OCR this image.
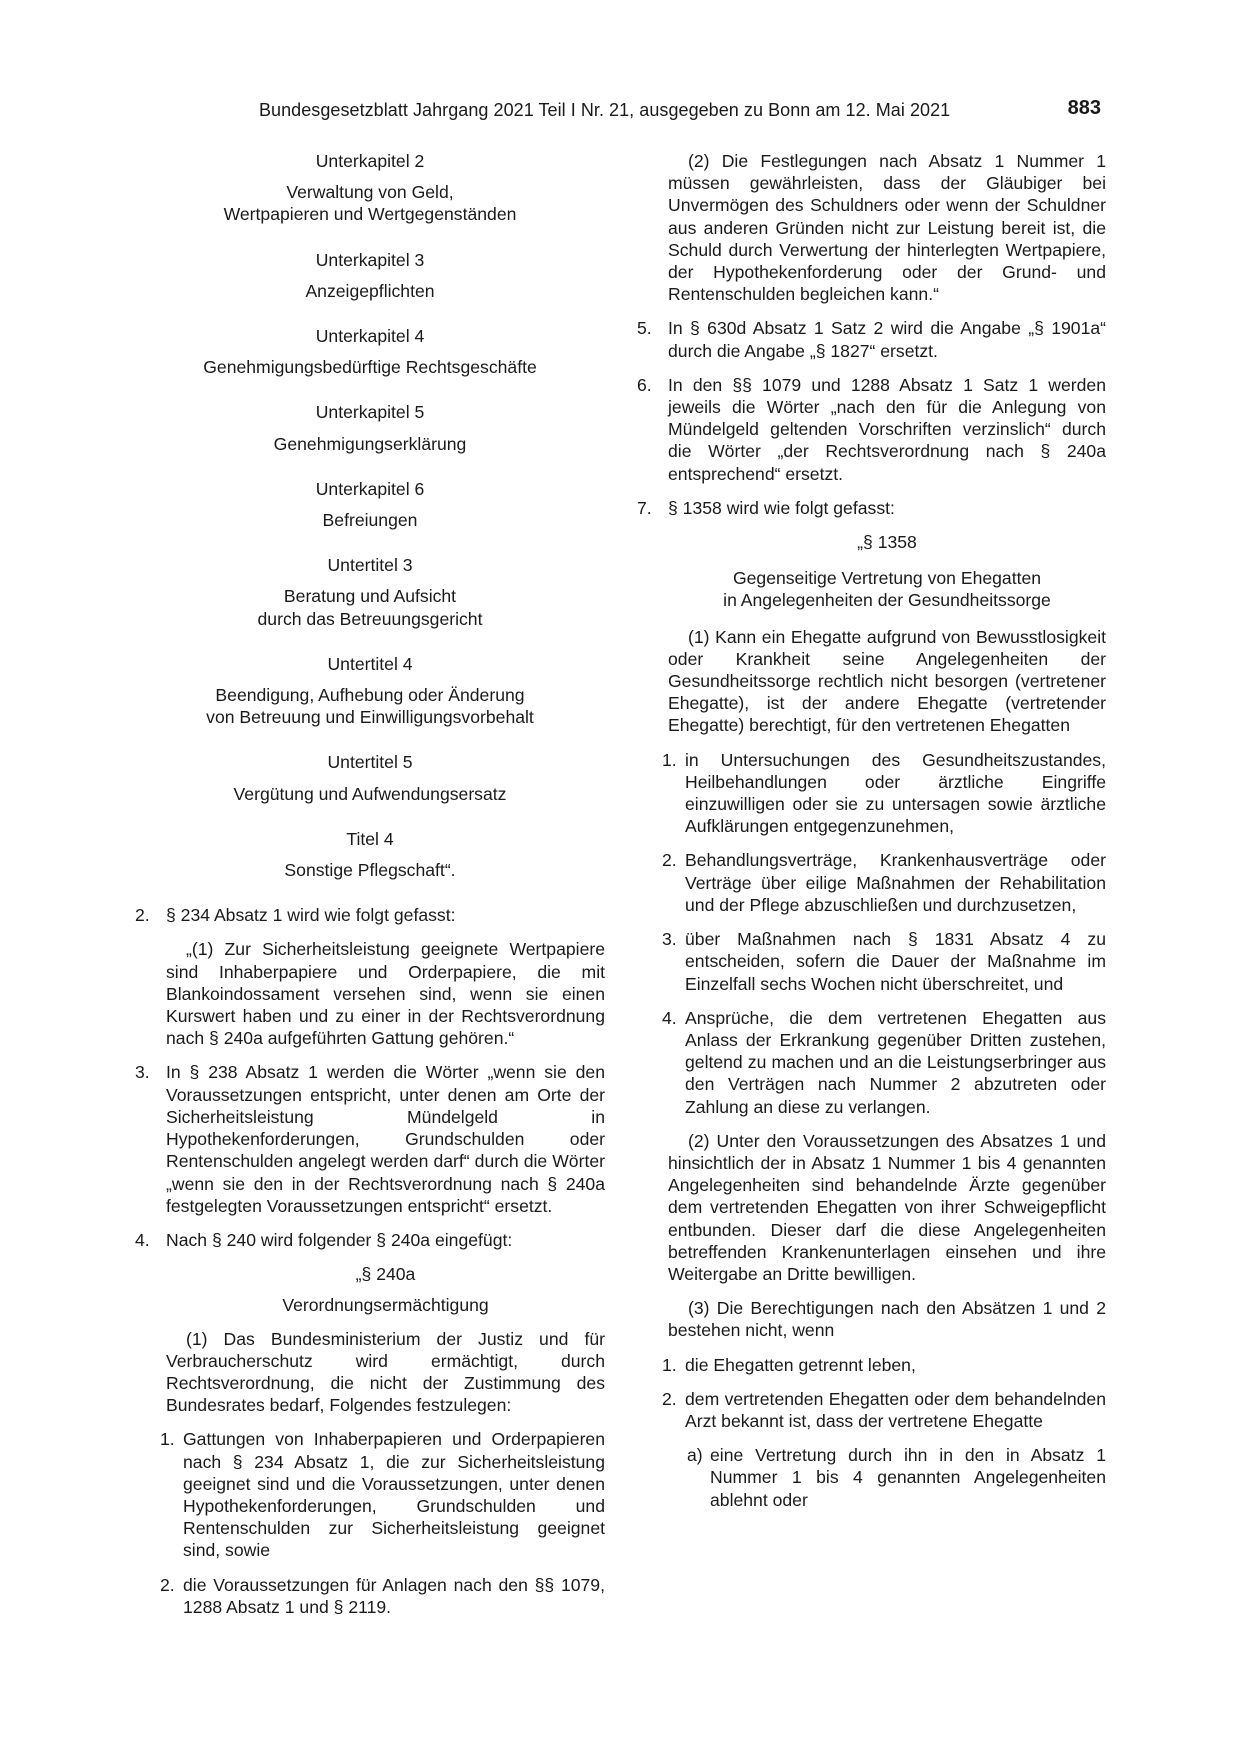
Bundesgesetzblatt Jahrgang 2021 Teil I Nr. 21, ausgegeben zu Bonn am 12. Mai 2021	883
Unterkapitel 2
Verwaltung von Geld,
Wertpapieren und Wertgegenständen
Unterkapitel 3
Anzeigepflichten
Unterkapitel 4
Genehmigungsbedürftige Rechtsgeschäfte
Unterkapitel 5
Genehmigungserklärung
Unterkapitel 6
Befreiungen
Untertitel 3
Beratung und Aufsicht
durch das Betreuungsgericht
Untertitel 4
Beendigung, Aufhebung oder Änderung
von Betreuung und Einwilligungsvorbehalt
Untertitel 5
Vergütung und Aufwendungsersatz
Titel 4
Sonstige Pflegschaft“.
2. § 234 Absatz 1 wird wie folgt gefasst:
„(1) Zur Sicherheitsleistung geeignete Wertpapiere sind Inhaberpapiere und Orderpapiere, die mit Blankoindossament versehen sind, wenn sie einen Kurswert haben und zu einer in der Rechtsverordnung nach § 240a aufgeführten Gattung gehören.“
3. In § 238 Absatz 1 werden die Wörter „wenn sie den Voraussetzungen entspricht, unter denen am Orte der Sicherheitsleistung Mündelgeld in Hypothekenforderungen, Grundschulden oder Rentenschulden angelegt werden darf“ durch die Wörter „wenn sie den in der Rechtsverordnung nach § 240a festgelegten Voraussetzungen entspricht“ ersetzt.
4. Nach § 240 wird folgender § 240a eingefügt:
„§ 240a
Verordnungsermächtigung
(1) Das Bundesministerium der Justiz und für Verbraucherschutz wird ermächtigt, durch Rechtsverordnung, die nicht der Zustimmung des Bundesrates bedarf, Folgendes festzulegen:
1. Gattungen von Inhaberpapieren und Orderpapieren nach § 234 Absatz 1, die zur Sicherheitsleistung geeignet sind und die Voraussetzungen, unter denen Hypothekenforderungen, Grundschulden und Rentenschulden zur Sicherheitsleistung geeignet sind, sowie
2. die Voraussetzungen für Anlagen nach den §§ 1079, 1288 Absatz 1 und § 2119.
(2) Die Festlegungen nach Absatz 1 Nummer 1 müssen gewährleisten, dass der Gläubiger bei Unvermögen des Schuldners oder wenn der Schuldner aus anderen Gründen nicht zur Leistung bereit ist, die Schuld durch Verwertung der hinterlegten Wertpapiere, der Hypothekenforderung oder der Grund- und Rentenschulden begleichen kann.“
5. In § 630d Absatz 1 Satz 2 wird die Angabe „§ 1901a“ durch die Angabe „§ 1827“ ersetzt.
6. In den §§ 1079 und 1288 Absatz 1 Satz 1 werden jeweils die Wörter „nach den für die Anlegung von Mündelgeld geltenden Vorschriften verzinslich“ durch die Wörter „der Rechtsverordnung nach § 240a entsprechend“ ersetzt.
7. § 1358 wird wie folgt gefasst:
„§ 1358
Gegenseitige Vertretung von Ehegatten
in Angelegenheiten der Gesundheitssorge
(1) Kann ein Ehegatte aufgrund von Bewusstlosigkeit oder Krankheit seine Angelegenheiten der Gesundheitssorge rechtlich nicht besorgen (vertretener Ehegatte), ist der andere Ehegatte (vertretender Ehegatte) berechtigt, für den vertretenen Ehegatten
1. in Untersuchungen des Gesundheitszustandes, Heilbehandlungen oder ärztliche Eingriffe einzuwilligen oder sie zu untersagen sowie ärztliche Aufklärungen entgegenzunehmen,
2. Behandlungsverträge, Krankenhausverträge oder Verträge über eilige Maßnahmen der Rehabilitation und der Pflege abzuschließen und durchzusetzen,
3. über Maßnahmen nach § 1831 Absatz 4 zu entscheiden, sofern die Dauer der Maßnahme im Einzelfall sechs Wochen nicht überschreitet, und
4. Ansprüche, die dem vertretenen Ehegatten aus Anlass der Erkrankung gegenüber Dritten zustehen, geltend zu machen und an die Leistungserbringer aus den Verträgen nach Nummer 2 abzutreten oder Zahlung an diese zu verlangen.
(2) Unter den Voraussetzungen des Absatzes 1 und hinsichtlich der in Absatz 1 Nummer 1 bis 4 genannten Angelegenheiten sind behandelnde Ärzte gegenüber dem vertretenden Ehegatten von ihrer Schweigepflicht entbunden. Dieser darf die diese Angelegenheiten betreffenden Krankenunterlagen einsehen und ihre Weitergabe an Dritte bewilligen.
(3) Die Berechtigungen nach den Absätzen 1 und 2 bestehen nicht, wenn
1. die Ehegatten getrennt leben,
2. dem vertretenden Ehegatten oder dem behandelnden Arzt bekannt ist, dass der vertretene Ehegatte
a) eine Vertretung durch ihn in den in Absatz 1 Nummer 1 bis 4 genannten Angelegenheiten ablehnt oder
